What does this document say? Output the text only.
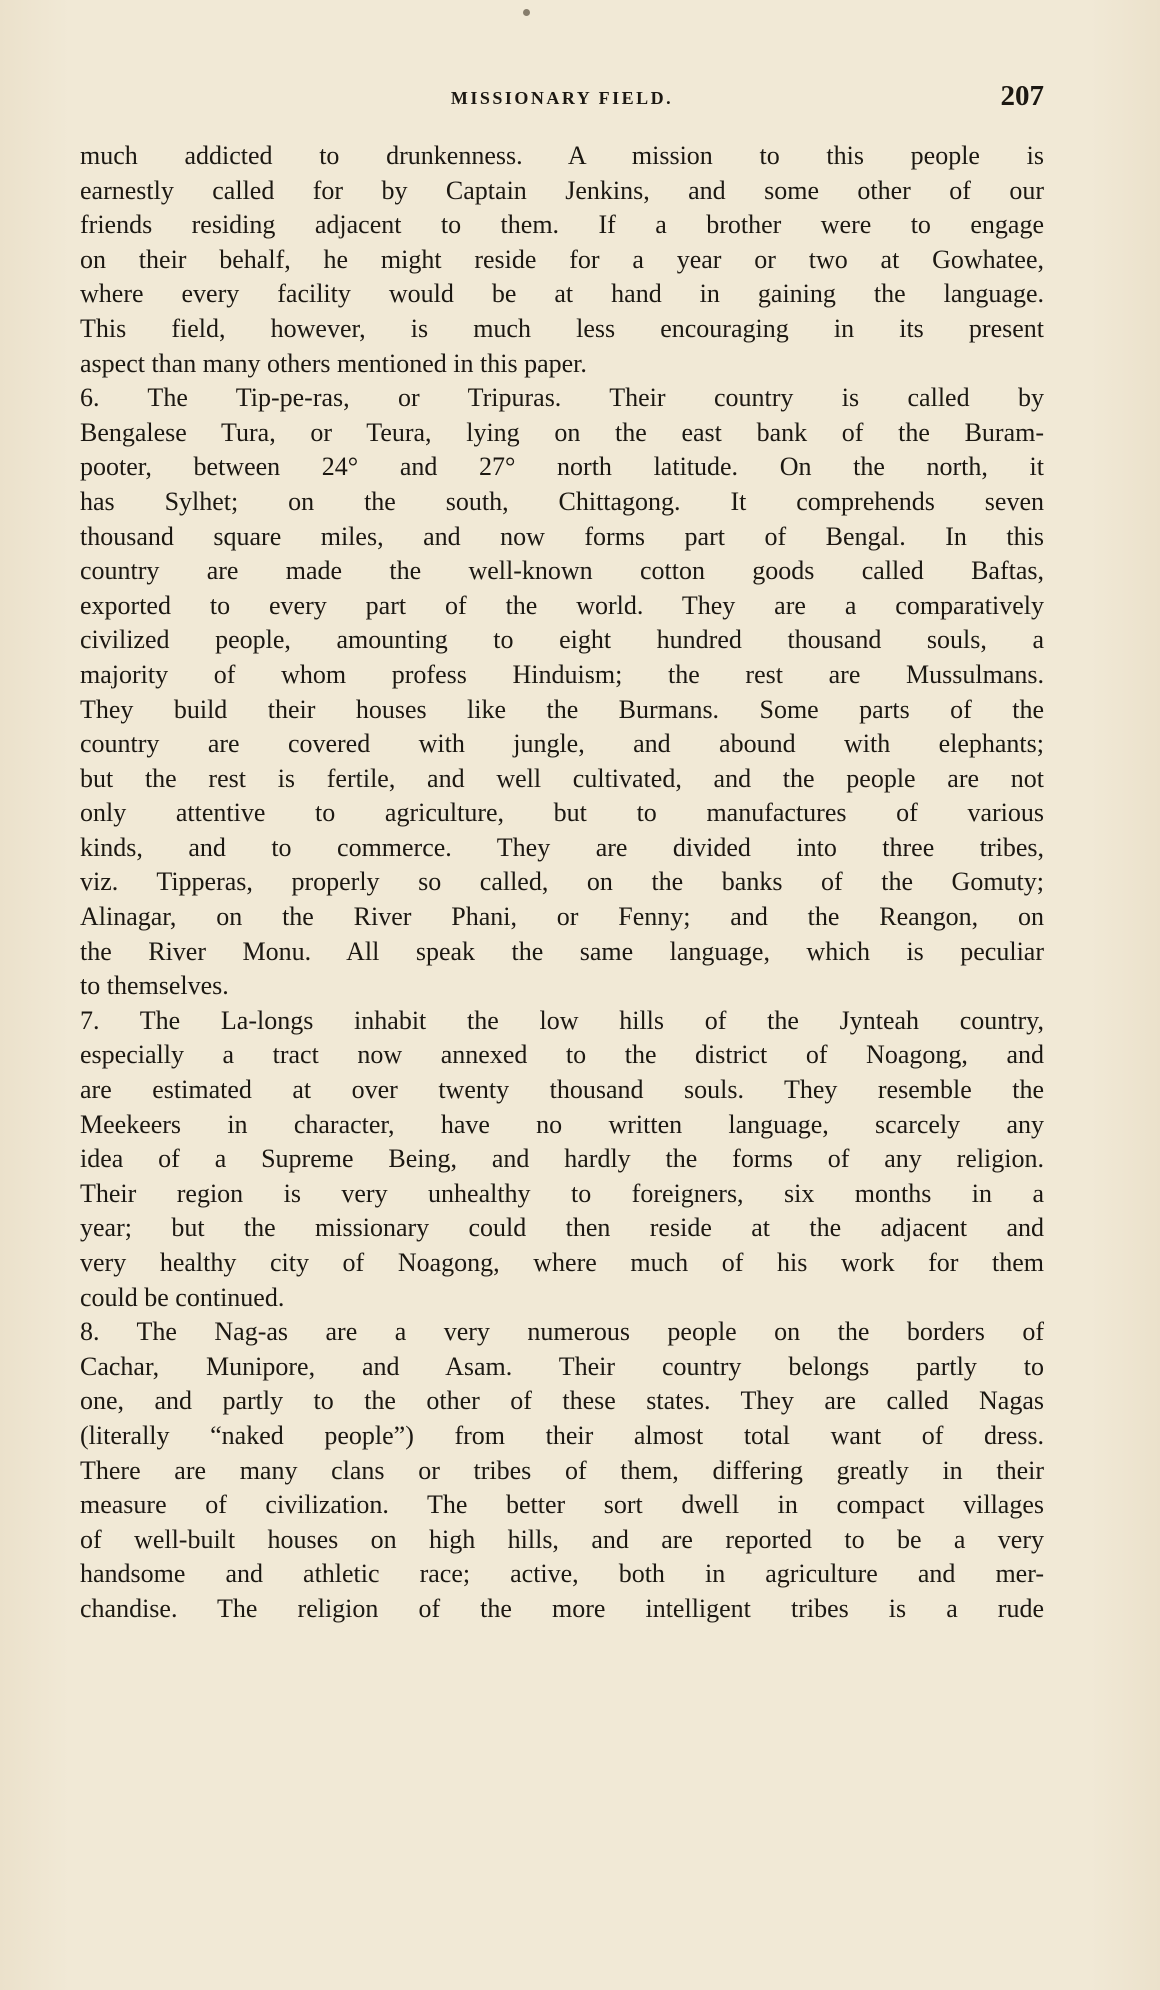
MISSIONARY FIELD.	207
much addicted to drunkenness. A mission to this people is
earnestly called for by Captain Jenkins, and some other of our
friends residing adjacent to them. If a brother were to engage
on their behalf, he might reside for a year or two at Gowhatee,
where every facility would be at hand in gaining the language.
This field, however, is much less encouraging in its present
aspect than many others mentioned in this paper.
6. The Tip-pe-ras, or Tripuras. Their country is called by
Bengalese Tura, or Teura, lying on the east bank of the Buram-
pooter, between 24° and 27° north latitude. On the north, it
has Sylhet; on the south, Chittagong. It comprehends seven
thousand square miles, and now forms part of Bengal. In this
country are made the well-known cotton goods called Baftas,
exported to every part of the world. They are a comparatively
civilized people, amounting to eight hundred thousand souls, a
majority of whom profess Hinduism; the rest are Mussulmans.
They build their houses like the Burmans. Some parts of the
country are covered with jungle, and abound with elephants;
but the rest is fertile, and well cultivated, and the people are not
only attentive to agriculture, but to manufactures of various
kinds, and to commerce. They are divided into three tribes,
viz. Tipperas, properly so called, on the banks of the Gomuty;
Alinagar, on the River Phani, or Fenny; and the Reangon, on
the River Monu. All speak the same language, which is peculiar
to themselves.
7. The La-longs inhabit the low hills of the Jynteah country,
especially a tract now annexed to the district of Noagong, and
are estimated at over twenty thousand souls. They resemble the
Meekeers in character, have no written language, scarcely any
idea of a Supreme Being, and hardly the forms of any religion.
Their region is very unhealthy to foreigners, six months in a
year; but the missionary could then reside at the adjacent and
very healthy city of Noagong, where much of his work for them
could be continued.
8. The Nag-as are a very numerous people on the borders of
Cachar, Munipore, and Asam. Their country belongs partly to
one, and partly to the other of these states. They are called Nagas
(literally “naked people”) from their almost total want of dress.
There are many clans or tribes of them, differing greatly in their
measure of civilization. The better sort dwell in compact villages
of well-built houses on high hills, and are reported to be a very
handsome and athletic race; active, both in agriculture and mer-
chandise. The religion of the more intelligent tribes is a rude
